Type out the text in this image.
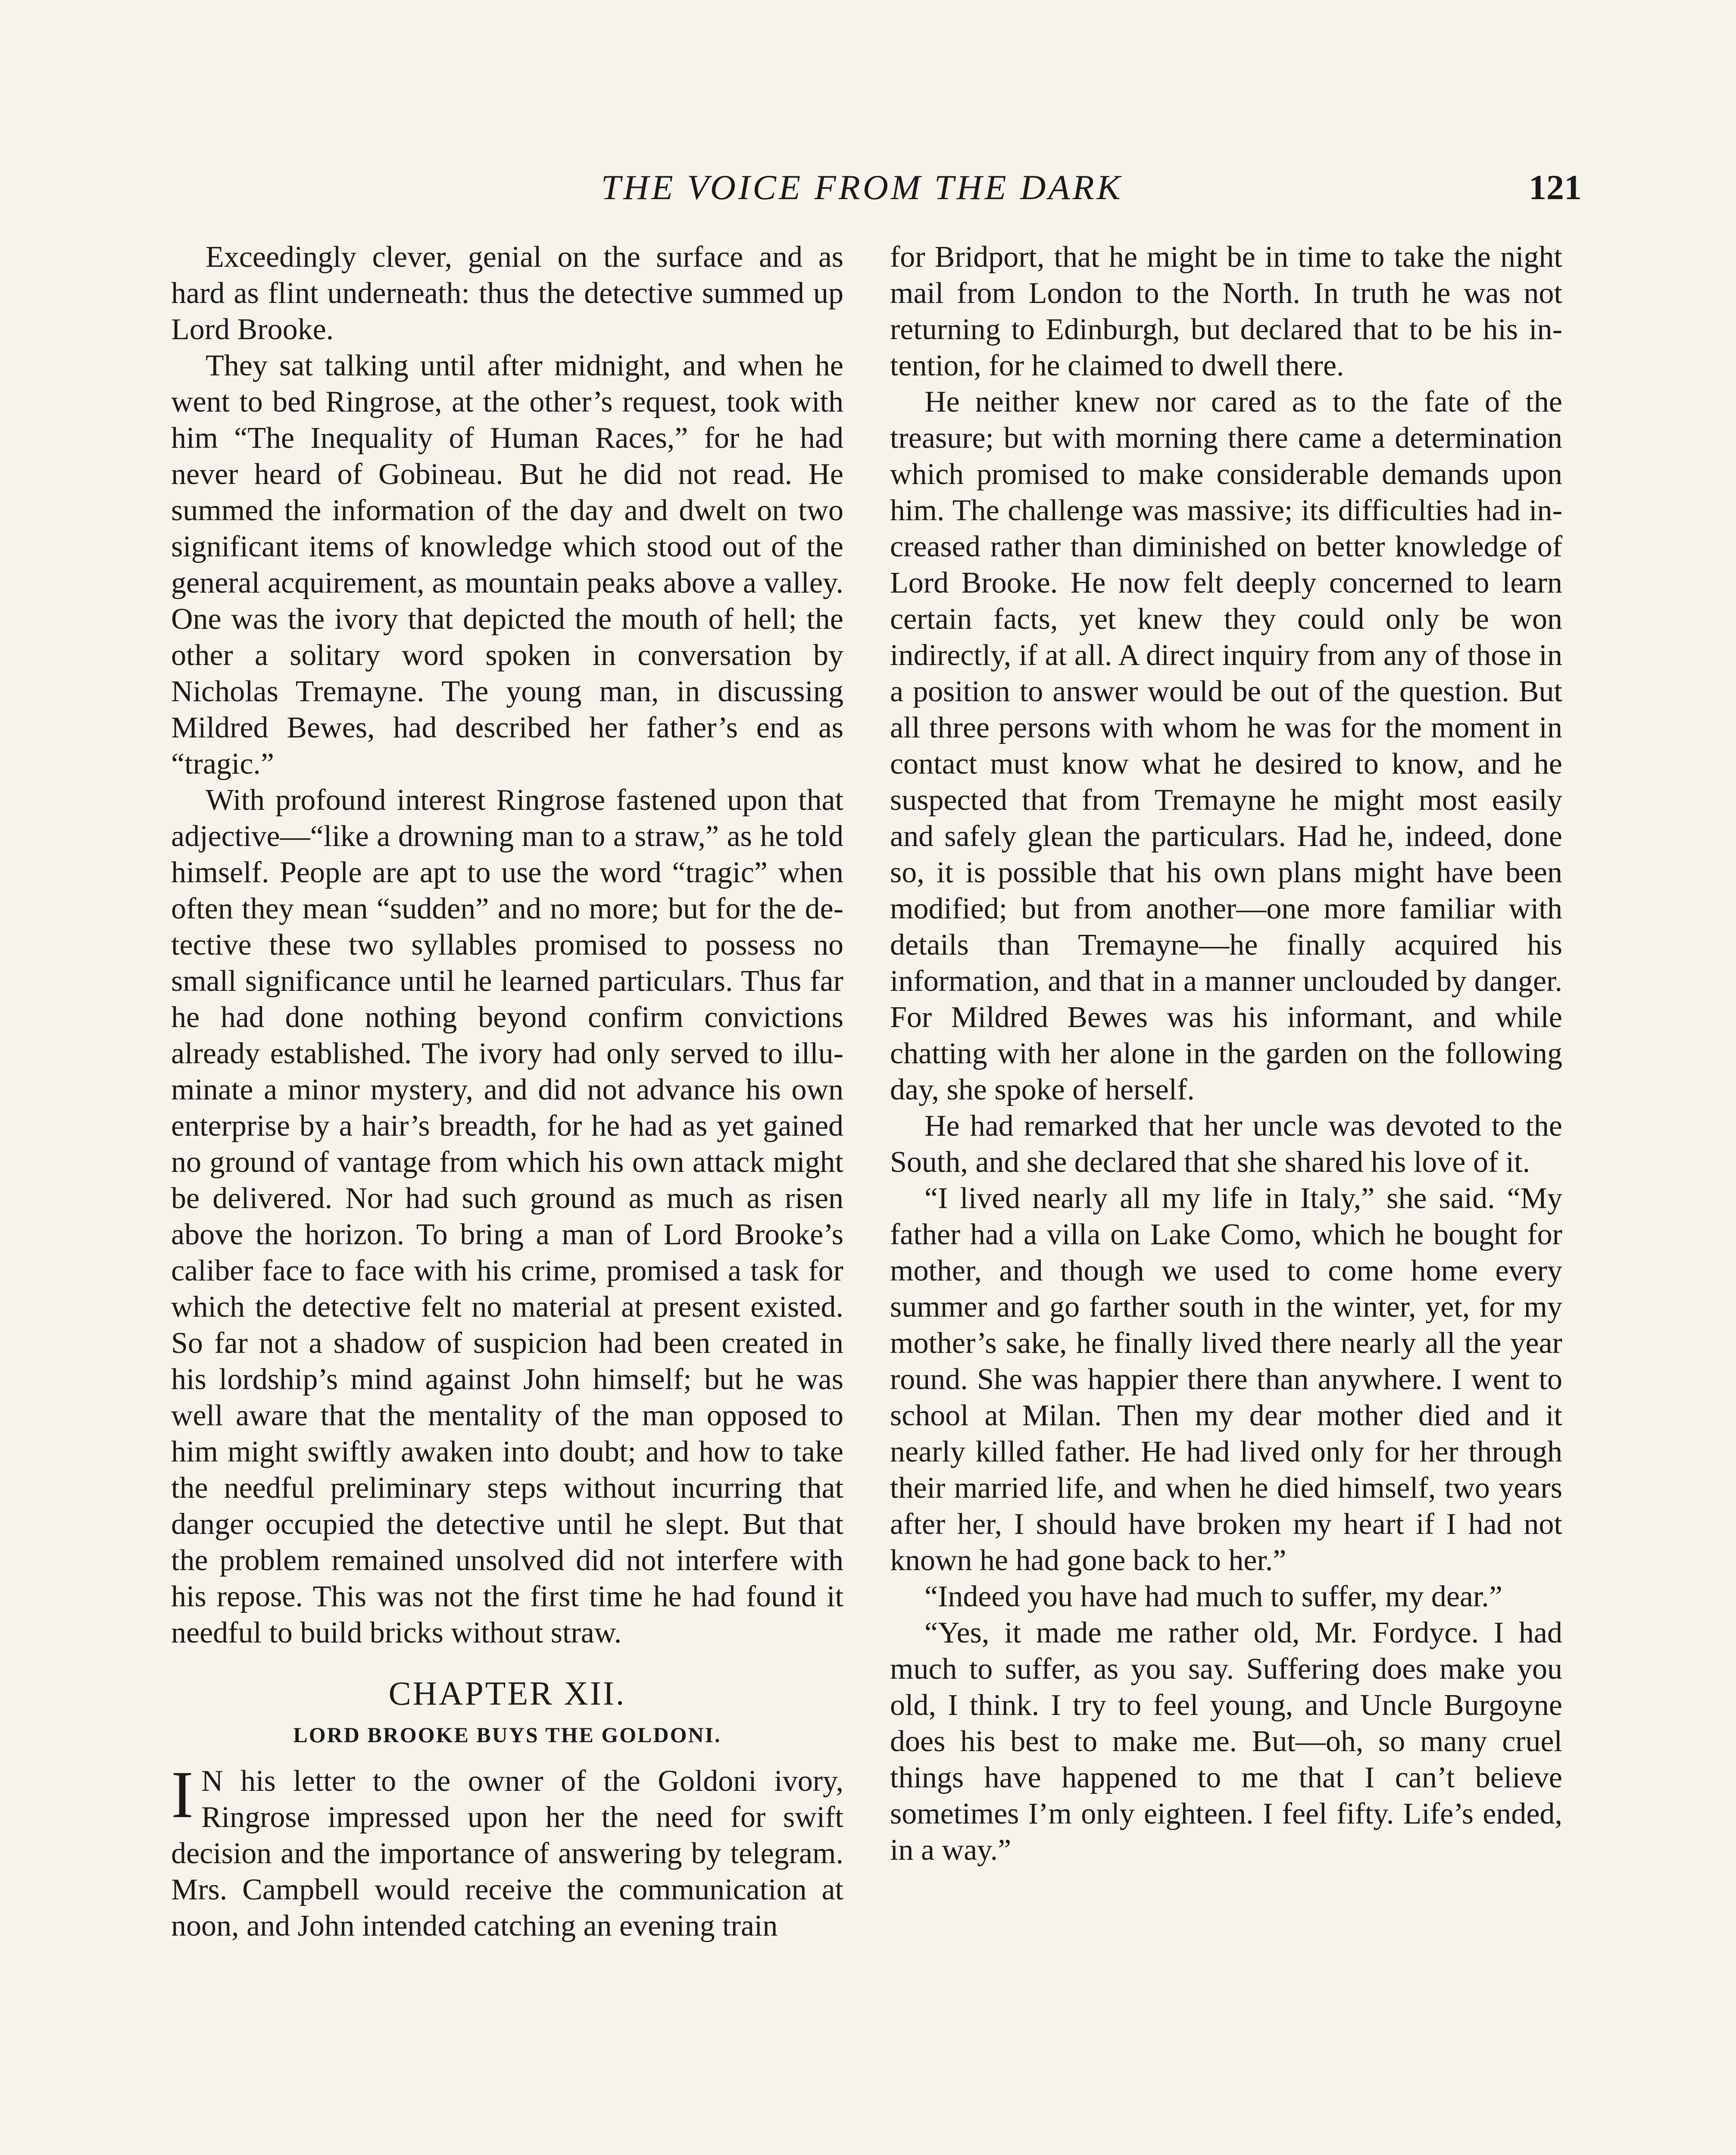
THE VOICE FROM THE DARK	121

Exceedingly clever, genial on the surface and as hard as flint underneath: thus the detective summed up Lord Brooke.

They sat talking until after midnight, and when he went to bed Ringrose, at the other’s request, took with him “The Inequality of Human Races,” for he had never heard of Gobineau. But he did not read. He summed the information of the day and dwelt on two significant items of knowledge which stood out of the general acquirement, as mountain peaks above a valley. One was the ivory that depicted the mouth of hell; the other a solitary word spoken in conversation by Nicholas Tremayne. The young man, in discussing Mildred Bewes, had described her father’s end as “tragic.”

With profound interest Ringrose fastened upon that adjective—“like a drowning man to a straw,” as he told himself. People are apt to use the word “tragic” when often they mean “sudden” and no more; but for the detective these two syllables promised to possess no small significance until he learned particulars. Thus far he had done nothing beyond confirm convictions already established. The ivory had only served to illuminate a minor mystery, and did not advance his own enterprise by a hair’s breadth, for he had as yet gained no ground of vantage from which his own attack might be delivered. Nor had such ground as much as risen above the horizon. To bring a man of Lord Brooke’s caliber face to face with his crime, promised a task for which the detective felt no material at present existed. So far not a shadow of suspicion had been created in his lordship’s mind against John himself; but he was well aware that the mentality of the man opposed to him might swiftly awaken into doubt; and how to take the needful preliminary steps without incurring that danger occupied the detective until he slept. But that the problem remained unsolved did not interfere with his repose. This was not the first time he had found it needful to build bricks without straw.

CHAPTER XII.
LORD BROOKE BUYS THE GOLDONI.

I N his letter to the owner of the Goldoni ivory, Ringrose impressed upon her the need for swift decision and the importance of answering by telegram. Mrs. Campbell would receive the communication at noon, and John intended catching an evening train

for Bridport, that he might be in time to take the night mail from London to the North. In truth he was not returning to Edinburgh, but declared that to be his intention, for he claimed to dwell there.

He neither knew nor cared as to the fate of the treasure; but with morning there came a determination which promised to make considerable demands upon him. The challenge was massive; its difficulties had increased rather than diminished on better knowledge of Lord Brooke. He now felt deeply concerned to learn certain facts, yet knew they could only be won indirectly, if at all. A direct inquiry from any of those in a position to answer would be out of the question. But all three persons with whom he was for the moment in contact must know what he desired to know, and he suspected that from Tremayne he might most easily and safely glean the particulars. Had he, indeed, done so, it is possible that his own plans might have been modified; but from another—one more familiar with details than Tremayne—he finally acquired his information, and that in a manner unclouded by danger. For Mildred Bewes was his informant, and while chatting with her alone in the garden on the following day, she spoke of herself.

He had remarked that her uncle was devoted to the South, and she declared that she shared his love of it.

“I lived nearly all my life in Italy,” she said. “My father had a villa on Lake Como, which he bought for mother, and though we used to come home every summer and go farther south in the winter, yet, for my mother’s sake, he finally lived there nearly all the year round. She was happier there than anywhere. I went to school at Milan. Then my dear mother died and it nearly killed father. He had lived only for her through their married life, and when he died himself, two years after her, I should have broken my heart if I had not known he had gone back to her.”

“Indeed you have had much to suffer, my dear.”

“Yes, it made me rather old, Mr. Fordyce. I had much to suffer, as you say. Suffering does make you old, I think. I try to feel young, and Uncle Burgoyne does his best to make me. But—oh, so many cruel things have happened to me that I can’t believe sometimes I’m only eighteen. I feel fifty. Life’s ended, in a way.”
